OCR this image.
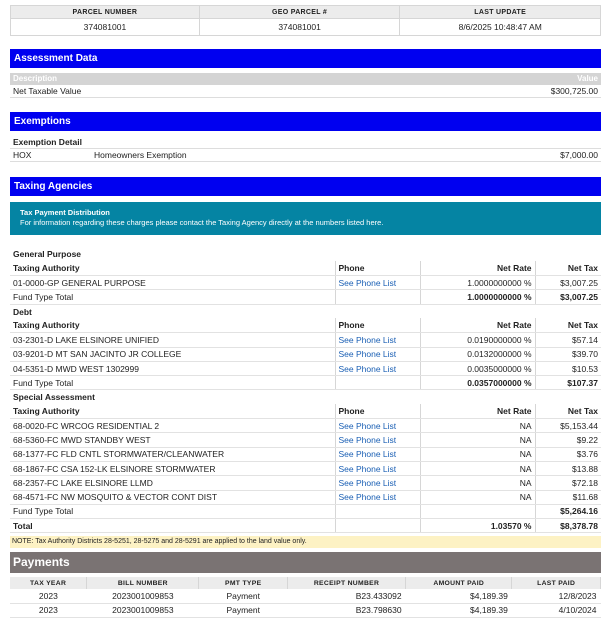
PARCEL NUMBER	GEO PARCEL #	LAST UPDATE
374081001	374081001	8/6/2025 10:48:47 AM
Assessment Data
Description	Value
Net Taxable Value	$300,725.00
Exemptions
Exemption Detail
HOX	Homeowners Exemption	$7,000.00
Taxing Agencies
Tax Payment Distribution
For information regarding these charges please contact the Taxing Agency directly at the numbers listed here.
General Purpose			
Taxing Authority	Phone	Net Rate	Net Tax
01-0000-GP GENERAL PURPOSE	See Phone List	1.0000000000 %	$3,007.25
Fund Type Total		1.0000000000 %	$3,007.25
Debt			
Taxing Authority	Phone	Net Rate	Net Tax
03-2301-D LAKE ELSINORE UNIFIED	See Phone List	0.0190000000 %	$57.14
03-9201-D MT SAN JACINTO JR COLLEGE	See Phone List	0.0132000000 %	$39.70
04-5351-D MWD WEST 1302999	See Phone List	0.0035000000 %	$10.53
Fund Type Total		0.0357000000 %	$107.37
Special Assessment			
Taxing Authority	Phone	Net Rate	Net Tax
68-0020-FC WRCOG RESIDENTIAL 2	See Phone List	NA	$5,153.44
68-5360-FC MWD STANDBY WEST	See Phone List	NA	$9.22
68-1377-FC FLD CNTL STORMWATER/CLEANWATER	See Phone List	NA	$3.76
68-1867-FC CSA 152-LK ELSINORE STORMWATER	See Phone List	NA	$13.88
68-2357-FC LAKE ELSINORE LLMD	See Phone List	NA	$72.18
68-4571-FC NW MOSQUITO & VECTOR CONT DIST	See Phone List	NA	$11.68
Fund Type Total			$5,264.16
Total		1.03570 %	$8,378.78
NOTE: Tax Authority Districts 28-5251, 28-5275 and 28-5291 are applied to the land value only.
Payments
TAX YEAR	BILL NUMBER	PMT TYPE	RECEIPT NUMBER	AMOUNT PAID	LAST PAID
2023	2023001009853	Payment	B23.433092	$4,189.39	12/8/2023
2023	2023001009853	Payment	B23.798630	$4,189.39	4/10/2024
